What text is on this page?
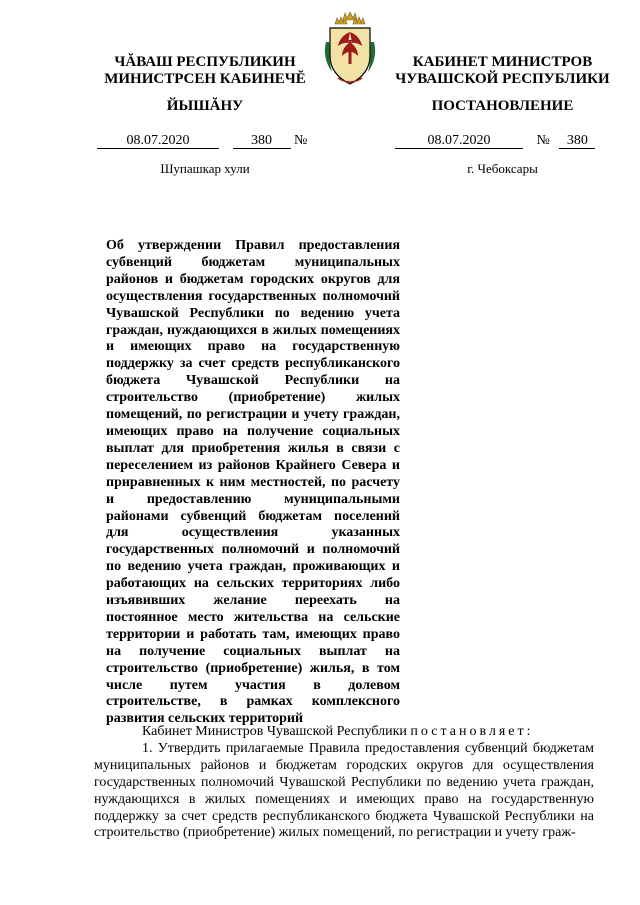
ЧĂВАШ РЕСПУБЛИКИН
МИНИСТРСЕН КАБИНЕЧĔ
ЙЫШĂНУ
КАБИНЕТ МИНИСТРОВ
ЧУВАШСКОЙ РЕСПУБЛИКИ
ПОСТАНОВЛЕНИЕ
08.07.2020	380 №	08.07.2020	№ 380
Шупашкар хули	г. Чебоксары
Об утверждении Правил предоставления субвенций бюджетам муниципальных районов и бюджетам городских округов для осуществления государственных полномочий Чувашской Республики по ведению учета граждан, нуждающихся в жилых помещениях и имеющих право на государственную поддержку за счет средств республиканского бюджета Чувашской Республики на строительство (приобретение) жилых помещений, по регистрации и учету граждан, имеющих право на получение социальных выплат для приобретения жилья в связи с переселением из районов Крайнего Севера и приравненных к ним местностей, по расчету и предоставлению муниципальными районами субвенций бюджетам поселений для осуществления указанных государственных полномочий и полномочий по ведению учета граждан, проживающих и работающих на сельских территориях либо изъявивших желание переехать на постоянное место жительства на сельские территории и работать там, имеющих право на получение социальных выплат на строительство (приобретение) жилья, в том числе путем участия в долевом строительстве, в рамках комплексного развития сельских территорий

Кабинет Министров Чувашской Республики постановляет:

1. Утвердить прилагаемые Правила предоставления субвенций бюджетам муниципальных районов и бюджетам городских округов для осуществления государственных полномочий Чувашской Республики по ведению учета граждан, нуждающихся в жилых помещениях и имеющих право на государственную поддержку за счет средств республиканского бюджета Чувашской Республики на строительство (приобретение) жилых помещений, по регистрации и учету граж-
